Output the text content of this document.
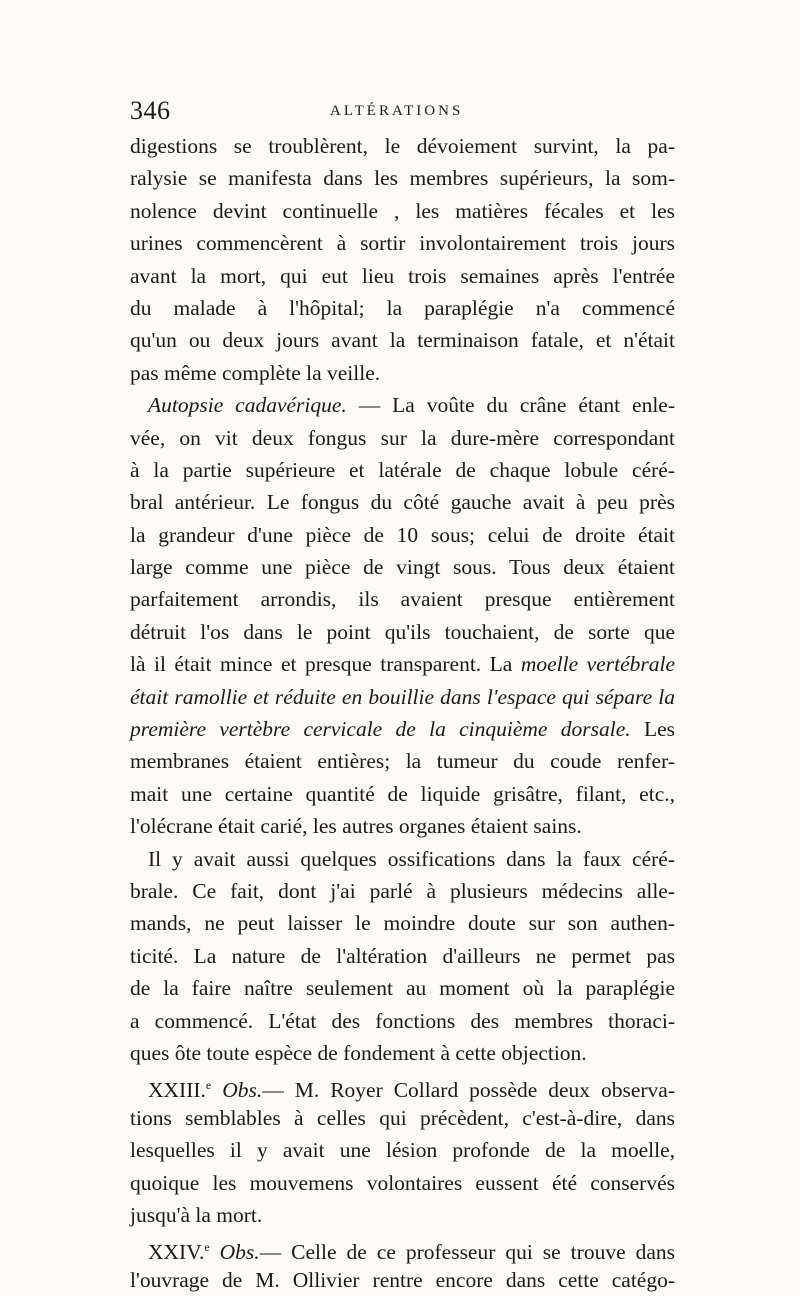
346	ALTÉRATIONS
digestions se troublèrent, le dévoiement survint, la pa-
ralysie se manifesta dans les membres supérieurs, la som-
nolence devint continuelle , les matières fécales et les
urines commencèrent à sortir involontairement trois jours
avant la mort, qui eut lieu trois semaines après l'entrée
du malade à l'hôpital; la paraplégie n'a commencé
qu'un ou deux jours avant la terminaison fatale, et n'était
pas même complète la veille.
Autopsie cadavérique. — La voûte du crâne étant enle-
vée, on vit deux fongus sur la dure-mère correspondant
à la partie supérieure et latérale de chaque lobule céré-
bral antérieur. Le fongus du côté gauche avait à peu près
la grandeur d'une pièce de 10 sous; celui de droite était
large comme une pièce de vingt sous. Tous deux étaient
parfaitement arrondis, ils avaient presque entièrement
détruit l'os dans le point qu'ils touchaient, de sorte que
là il était mince et presque transparent. La moelle vertébrale
était ramollie et réduite en bouillie dans l'espace qui sépare la
première vertèbre cervicale de la cinquième dorsale. Les
membranes étaient entières; la tumeur du coude renfer-
mait une certaine quantité de liquide grisâtre, filant, etc.,
l'olécrane était carié, les autres organes étaient sains.
Il y avait aussi quelques ossifications dans la faux céré-
brale. Ce fait, dont j'ai parlé à plusieurs médecins alle-
mands, ne peut laisser le moindre doute sur son authen-
ticité. La nature de l'altération d'ailleurs ne permet pas
de la faire naître seulement au moment où la paraplégie
a commencé. L'état des fonctions des membres thoraci-
ques ôte toute espèce de fondement à cette objection.
XXIII.$^e$ Obs.— M. Royer Collard possède deux observa-
tions semblables à celles qui précèdent, c'est-à-dire, dans
lesquelles il y avait une lésion profonde de la moelle,
quoique les mouvemens volontaires eussent été conservés
jusqu'à la mort.
XXIV.$^e$ Obs.— Celle de ce professeur qui se trouve dans
l'ouvrage de M. Ollivier rentre encore dans cette catégo-
